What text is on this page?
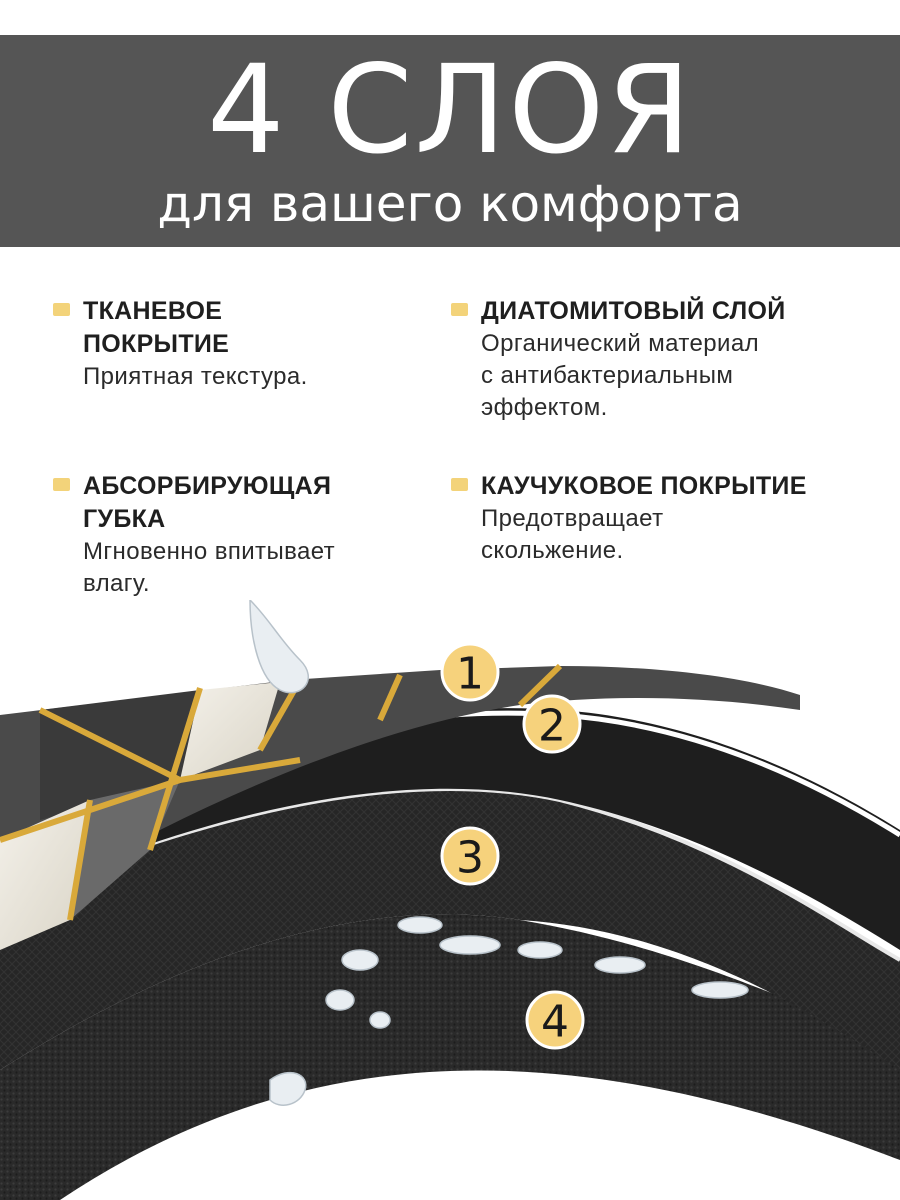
4 СЛОЯ
для вашего комфорта
ТКАНЕВОЕ
ПОКРЫТИЕ
Приятная текстура.
ДИАТОМИТОВЫЙ СЛОЙ
Органический материал
с антибактериальным
эффектом.
АБСОРБИРУЮЩАЯ
ГУБКА
Мгновенно впитывает
влагу.
КАУЧУКОВОЕ ПОКРЫТИЕ
Предотвращает
скольжение.
1
2
3
4
